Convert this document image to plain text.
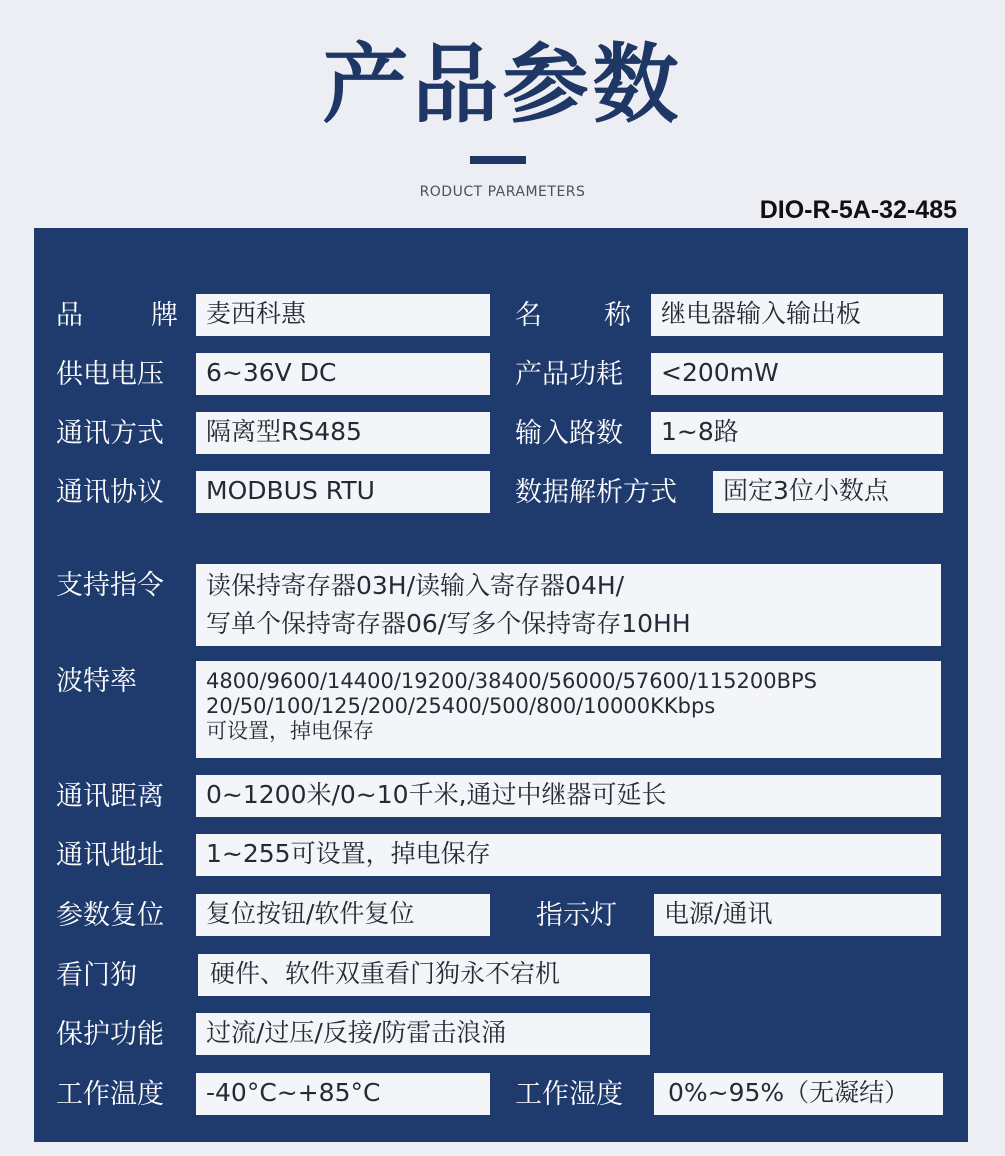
产品参数
RODUCT PARAMETERS
DIO-R-5A-32-485
品	牌	麦西科惠	名 称	继电器输入输出板
供电电压	6~36V DC	产品功耗	<200mW
通讯方式	隔离型RS485	输入路数	1~8路
通讯协议	MODBUS RTU	数据解析方式	固定3位小数点
支持指令 读保持寄存器03H/读输入寄存器04H/
写单个保持寄存器06/写多个保持寄存10HH
波特率	4800/9600/14400/19200/38400/56000/57600/115200BPS
20/50/100/125/200/25400/500/800/10000KKbps
可设置，掉电保存
通讯距离	0~1200米/0~10千米,通过中继器可延长
通讯地址	1~255可设置，掉电保存
参数复位	复位按钮/软件复位	指示灯	电源/通讯
看门狗	硬件、软件双重看门狗永不宕机
保护功能	过流/过压/反接/防雷击浪涌
工作温度	-40°C~+85°C	工作湿度	0%~95%（无凝结）
